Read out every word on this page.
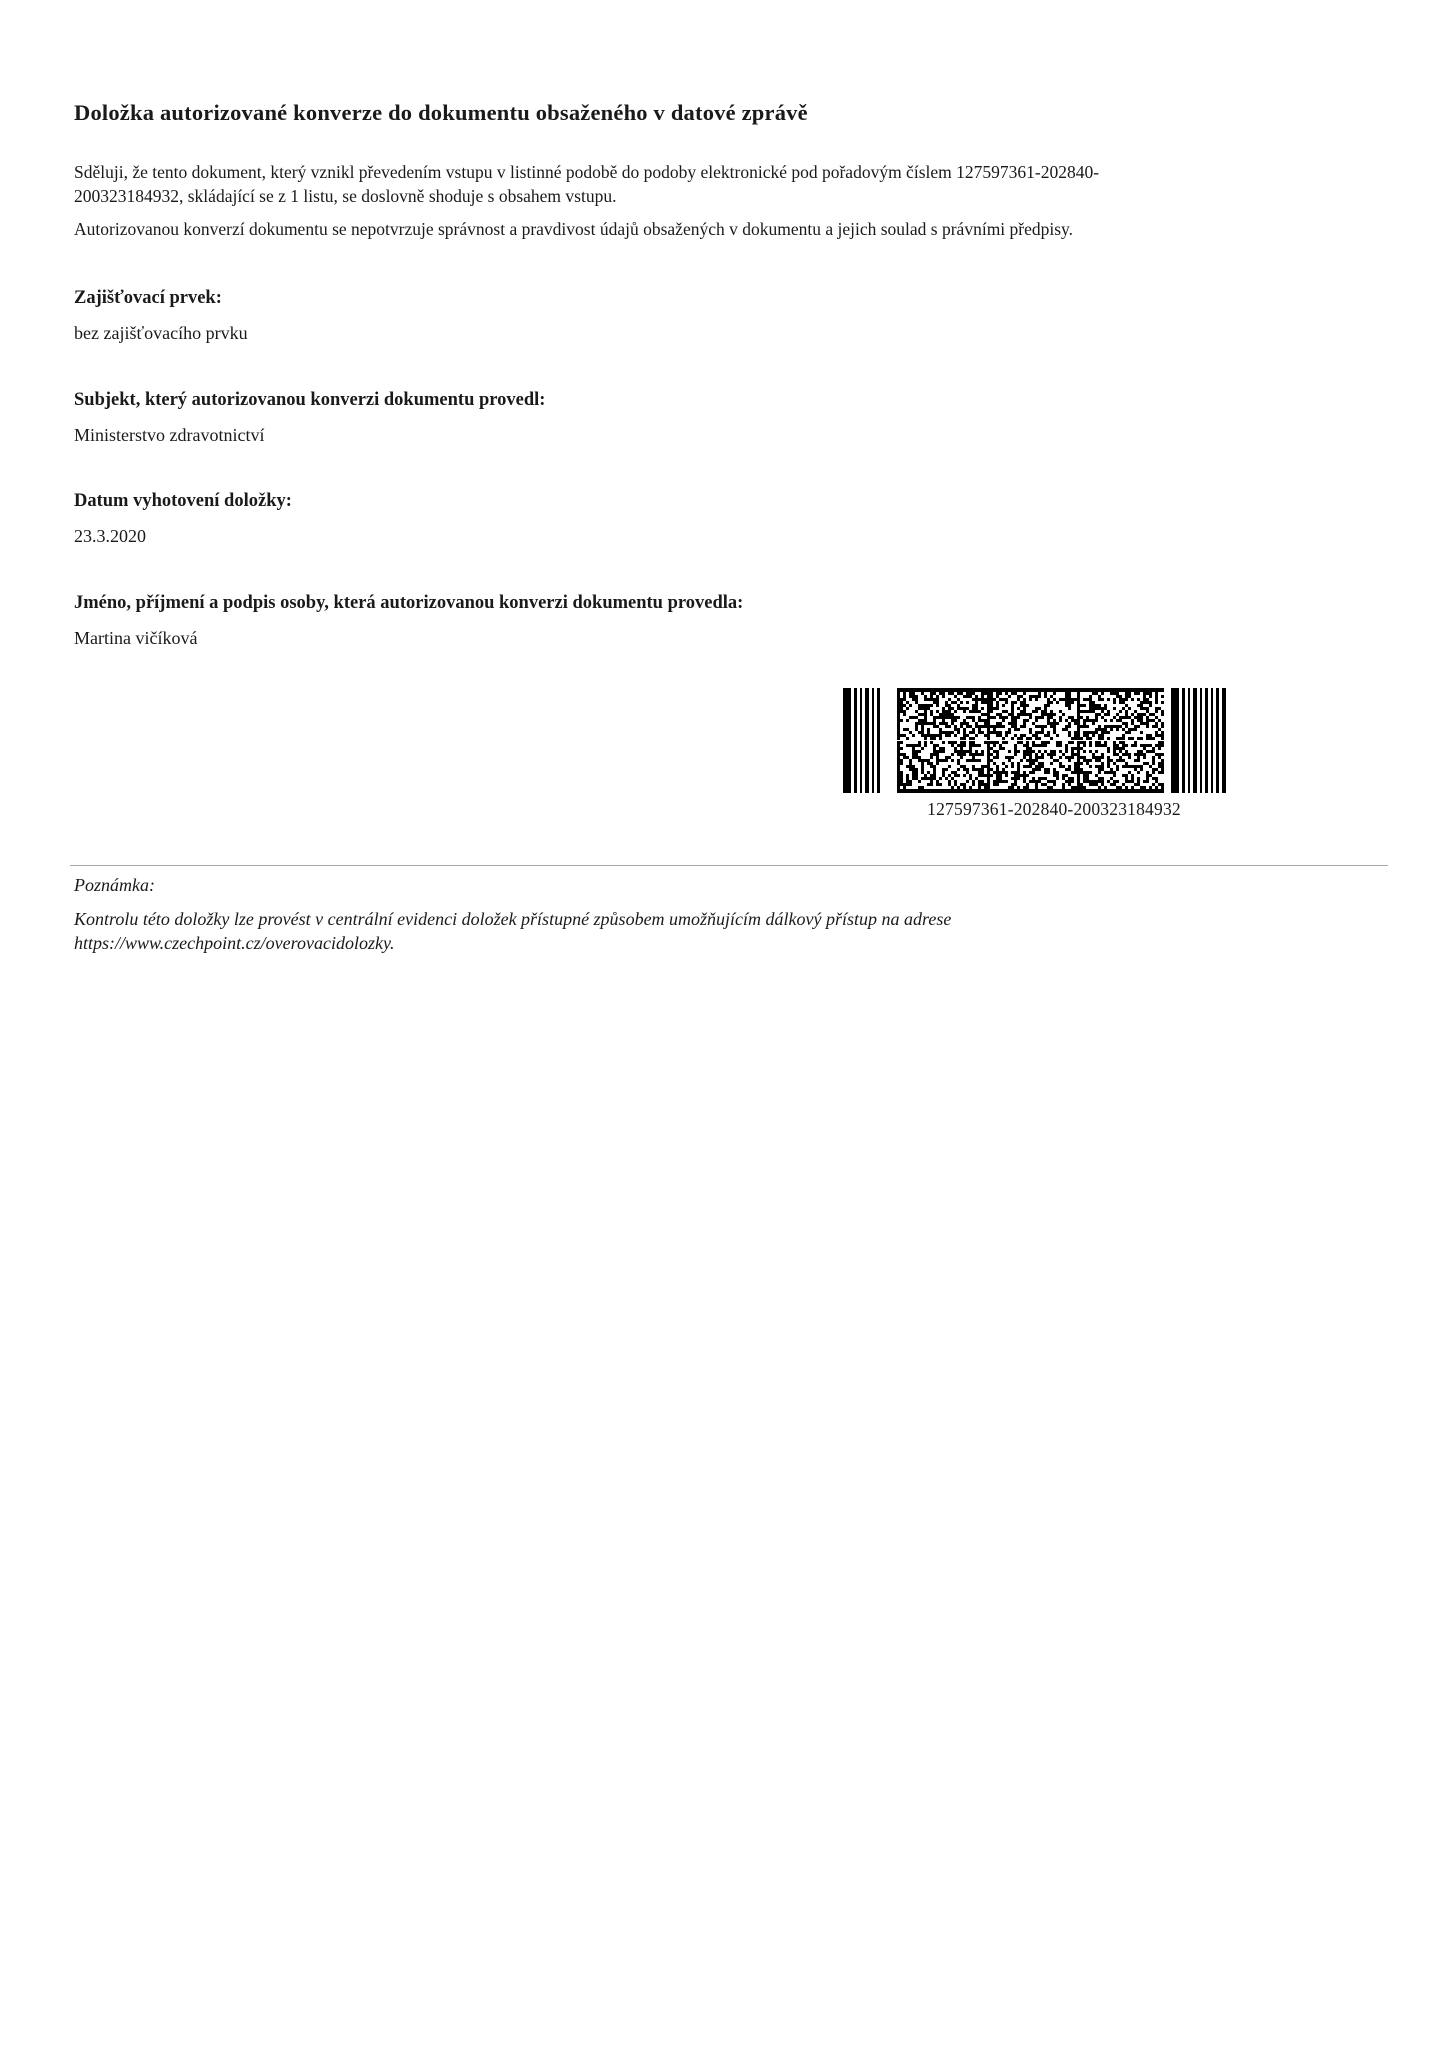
Doložka autorizované konverze do dokumentu obsaženého v datové zprávě

Sděluji, že tento dokument, který vznikl převedením vstupu v listinné podobě do podoby elektronické pod pořadovým číslem 127597361-202840-
200323184932, skládající se z 1 listu, se doslovně shoduje s obsahem vstupu.

Autorizovanou konverzí dokumentu se nepotvrzuje správnost a pravdivost údajů obsažených v dokumentu a jejich soulad s právními předpisy.

Zajišťovací prvek:
bez zajišťovacího prvku
Subjekt, který autorizovanou konverzi dokumentu provedl:
Ministerstvo zdravotnictví
Datum vyhotovení doložky:
23.3.2020
Jméno, příjmení a podpis osoby, která autorizovanou konverzi dokumentu provedla:
Martina vičíková
127597361-202840-200323184932
Poznámka:
Kontrolu této doložky lze provést v centrální evidenci doložek přístupné způsobem umožňujícím dálkový přístup na adrese
https://www.czechpoint.cz/overovacidolozky.
